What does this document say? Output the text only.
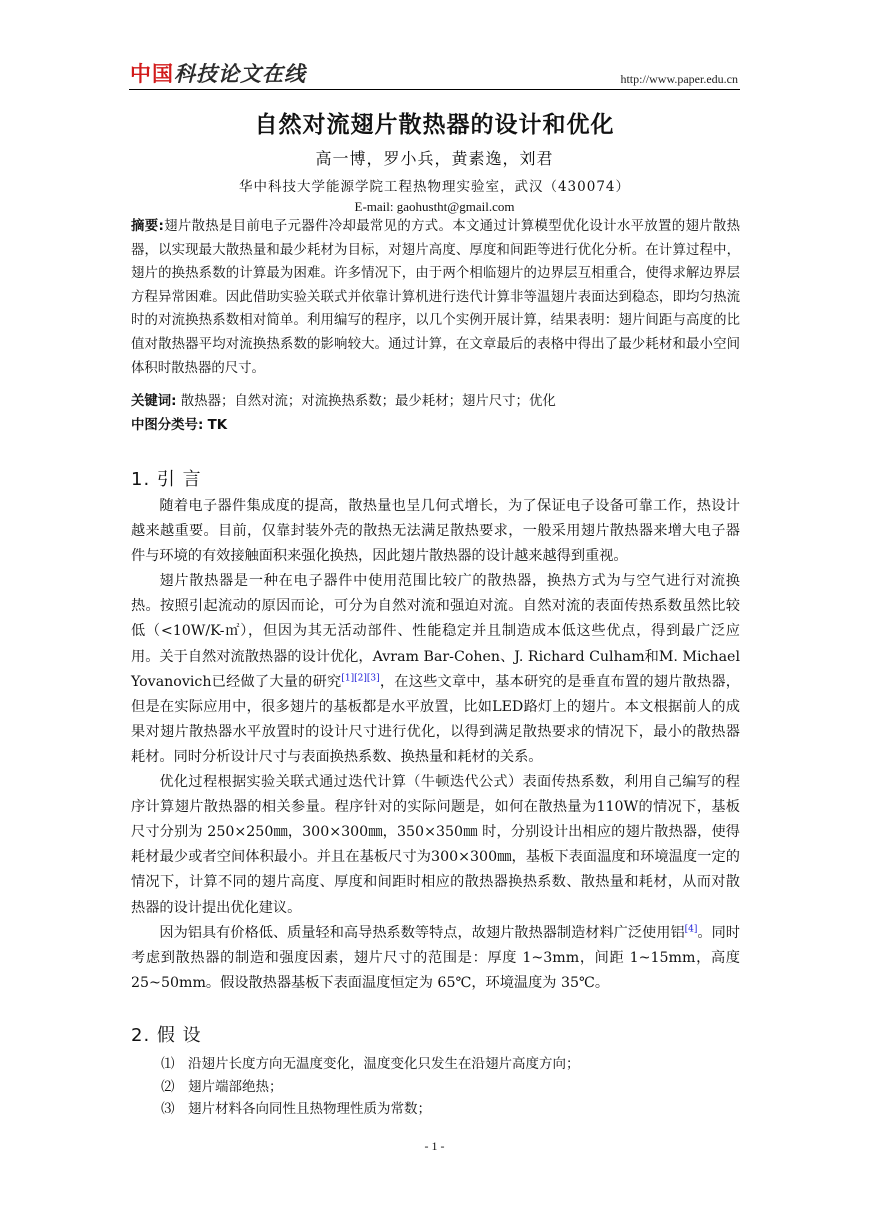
中国 科技论文在线	http://www.paper.edu.cn
自然对流翅片散热器的设计和优化
高一博，罗小兵，黄素逸，刘君
华中科技大学能源学院工程热物理实验室，武汉（430074）
E-mail: gaohustht@gmail.com
摘要:翅片散热是目前电子元器件冷却最常见的方式。本文通过计算模型优化设计水平放置的翅片散热器，以实现最大散热量和最少耗材为目标，对翅片高度、厚度和间距等进行优化分析。在计算过程中，翅片的换热系数的计算最为困难。许多情况下，由于两个相临翅片的边界层互相重合，使得求解边界层方程异常困难。因此借助实验关联式并依靠计算机进行迭代计算非等温翅片表面达到稳态，即均匀热流时的对流换热系数相对简单。利用编写的程序，以几个实例开展计算，结果表明：翅片间距与高度的比值对散热器平均对流换热系数的影响较大。通过计算，在文章最后的表格中得出了最少耗材和最小空间体积时散热器的尺寸。
关键词: 散热器；自然对流；对流换热系数；最少耗材；翅片尺寸；优化
中图分类号: TK
1. 引 言

随着电子器件集成度的提高，散热量也呈几何式增长，为了保证电子设备可靠工作，热设计越来越重要。目前，仅靠封装外壳的散热无法满足散热要求，一般采用翅片散热器来增大电子器件与环境的有效接触面积来强化换热，因此翅片散热器的设计越来越得到重视。

翅片散热器是一种在电子器件中使用范围比较广的散热器，换热方式为与空气进行对流换热。按照引起流动的原因而论，可分为自然对流和强迫对流。自然对流的表面传热系数虽然比较低（<10W/K-㎡），但因为其无活动部件、性能稳定并且制造成本低这些优点，得到最广泛应用。关于自然对流散热器的设计优化，Avram Bar-Cohen、J. Richard Culham和M. Michael Yovanovich已经做了大量的研究[1][2][3]，在这些文章中，基本研究的是垂直布置的翅片散热器，但是在实际应用中，很多翅片的基板都是水平放置，比如LED路灯上的翅片。本文根据前人的成果对翅片散热器水平放置时的设计尺寸进行优化，以得到满足散热要求的情况下，最小的散热器耗材。同时分析设计尺寸与表面换热系数、换热量和耗材的关系。

优化过程根据实验关联式通过迭代计算（牛顿迭代公式）表面传热系数，利用自己编写的程序计算翅片散热器的相关参量。程序针对的实际问题是，如何在散热量为110W的情况下，基板尺寸分别为 250×250㎜，300×300㎜，350×350㎜ 时，分别设计出相应的翅片散热器，使得耗材最少或者空间体积最小。并且在基板尺寸为300×300㎜，基板下表面温度和环境温度一定的情况下，计算不同的翅片高度、厚度和间距时相应的散热器换热系数、散热量和耗材，从而对散热器的设计提出优化建议。

因为铝具有价格低、质量轻和高导热系数等特点，故翅片散热器制造材料广泛使用铝[4]。同时考虑到散热器的制造和强度因素，翅片尺寸的范围是：厚度 1~3mm，间距 1~15mm，高度 25~50mm。假设散热器基板下表面温度恒定为 65℃，环境温度为 35℃。

2. 假 设
⑴	沿翅片长度方向无温度变化，温度变化只发生在沿翅片高度方向；
⑵	翅片端部绝热；
⑶	翅片材料各向同性且热物理性质为常数；
- 1 -
